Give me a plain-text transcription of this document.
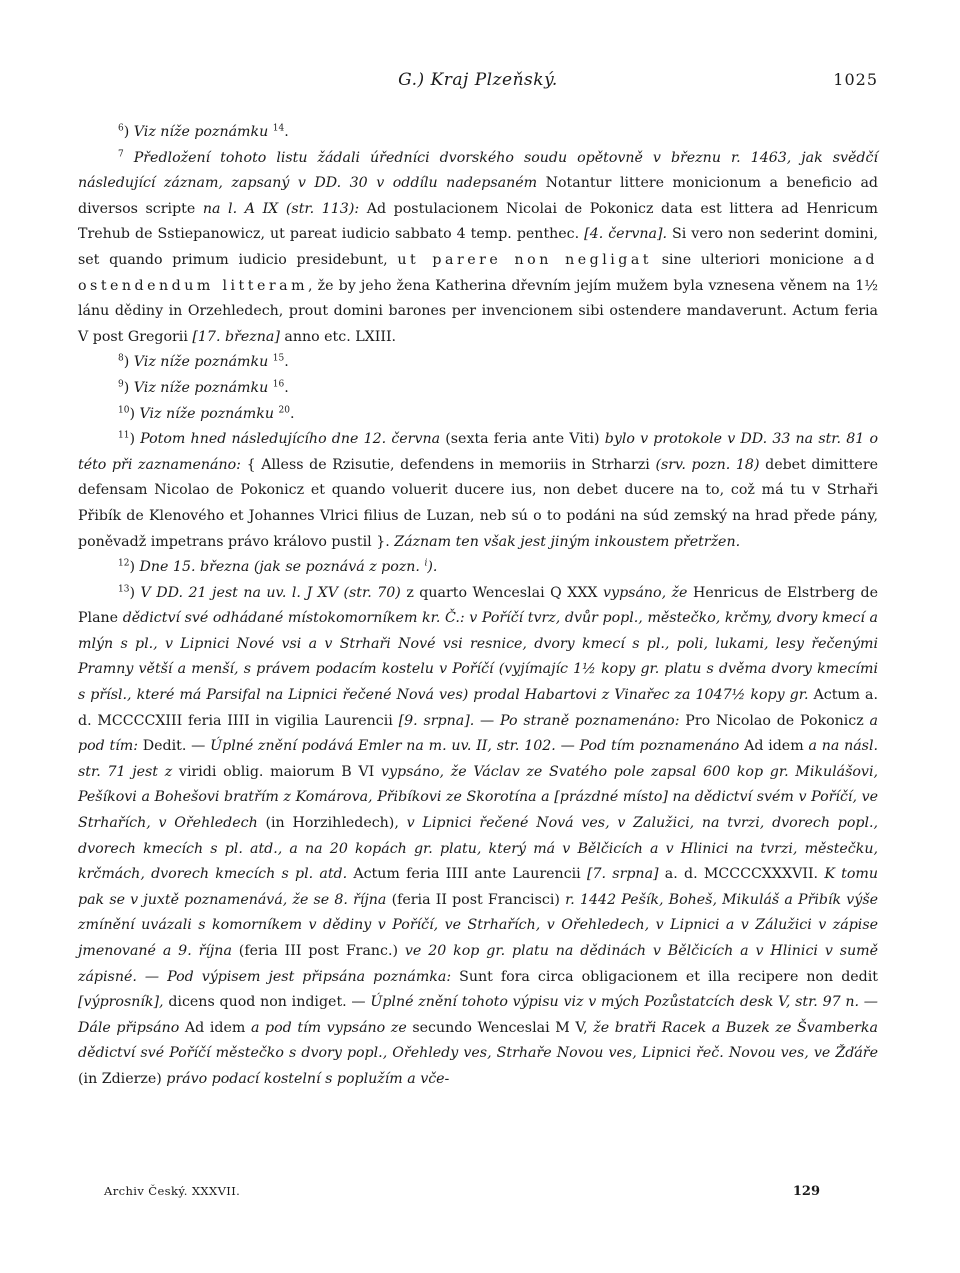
G.) Kraj Plzeňský.	1025

$^6$) Viz níže poznámku $^{14}$.

$^7$ Předložení tohoto listu žádali úředníci dvorského soudu opětovně v březnu r. 1463, jak svědčí následující záznam, zapsaný v DD. 30 v oddílu nadepsaném Notantur littere monicionum a beneficio ad diversos scripte na l. A IX (str. 113): Ad postulacionem Nicolai de Pokonicz data est littera ad Henricum Trehub de Sstiepanowicz, ut pareat iudicio sabbato 4 temp. penthec. [4. června]. Si vero non sederint domini, set quando primum iudicio presidebunt, ut parere non negligat sine ulteriori monicione ad ostendendum litteram, že by jeho žena Katherina dřevním jejím mužem byla vznesena věnem na 1½ lánu dědiny in Orzehledech, prout domini barones per invencionem sibi ostendere mandaverunt. Actum feria V post Gregorii [17. března] anno etc. LXIII.

$^8$) Viz níže poznámku $^{15}$.

$^9$) Viz níže poznámku $^{16}$.

$^{10}$) Viz níže poznámku $^{20}$.

$^{11}$) Potom hned následujícího dne 12. června (sexta feria ante Viti) bylo v protokole v DD. 33 na str. 81 o této při zaznamenáno: { Alless de Rzisutie, defendens in memoriis in Strharzi (srv. pozn. 18) debet dimittere defensam Nicolao de Pokonicz et quando voluerit ducere ius, non debet ducere na to, což má tu v Strhaři Přibík de Klenového et Johannes Vlrici filius de Luzan, neb sú o to podáni na súd zemský na hrad přede pány, poněvadž impetrans právo královo pustil }. Záznam ten však jest jiným inkoustem přetržen.

$^{12}$) Dne 15. března (jak se poznává z pozn. $^i$).

$^{13}$) V DD. 21 jest na uv. l. J XV (str. 70) z quarto Wenceslai Q XXX vypsáno, že Henricus de Elstrberg de Plane dědictví své odhádané místokomorníkem kr. Č.: v Poříčí tvrz, dvůr popl., městečko, krčmy, dvory kmecí a mlýn s pl., v Lipnici Nové vsi a v Strhaři Nové vsi resnice, dvory kmecí s pl., poli, lukami, lesy řečenými Pramny větší a menší, s právem podacím kostelu v Poříčí (vyjímajíc 1½ kopy gr. platu s dvěma dvory kmecími s přísl., které má Parsifal na Lipnici řečené Nová ves) prodal Habartovi z Vinařec za 1047½ kopy gr. Actum a. d. MCCCCXIII feria IIII in vigilia Laurencii [9. srpna]. — Po straně poznamenáno: Pro Nicolao de Pokonicz a pod tím: Dedit. — Úplné znění podává Emler na m. uv. II, str. 102. — Pod tím poznamenáno Ad idem a na násl. str. 71 jest z viridi oblig. maiorum B VI vypsáno, že Václav ze Svatého pole zapsal 600 kop gr. Mikulášovi, Pešíkovi a Bohešovi bratřím z Komárova, Přibíkovi ze Skorotína a [prázdné místo] na dědictví svém v Poříčí, ve Strhařích, v Ořehledech (in Horzihledech), v Lipnici řečené Nová ves, v Zalužici, na tvrzi, dvorech popl., dvorech kmecích s pl. atd., a na 20 kopách gr. platu, který má v Bělčicích a v Hlinici na tvrzi, městečku, krčmách, dvorech kmecích s pl. atd. Actum feria IIII ante Laurencii [7. srpna] a. d. MCCCCXXXVII. K tomu pak se v juxtě poznamenává, že se 8. října (feria II post Francisci) r. 1442 Pešík, Boheš, Mikuláš a Přibík výše zmínění uvázali s komorníkem v dědiny v Poříčí, ve Strhařích, v Ořehledech, v Lipnici a v Zálužici v zápise jmenované a 9. října (feria III post Franc.) ve 20 kop gr. platu na dědinách v Bělčicích a v Hlinici v sumě zápisné. — Pod výpisem jest připsána poznámka: Sunt fora circa obligacionem et illa recipere non dedit [výprosník], dicens quod non indiget. — Úplné znění tohoto výpisu viz v mých Pozůstatcích desk V, str. 97 n. — Dále připsáno Ad idem a pod tím vypsáno ze secundo Wenceslai M V, že bratři Racek a Buzek ze Švamberka dědictví své Poříčí městečko s dvory popl., Ořehledy ves, Strhaře Novou ves, Lipnici řeč. Novou ves, ve Žďáře (in Zdierze) právo podací kostelní s poplužím a vče-

Archiv Český. XXXVII.	129
